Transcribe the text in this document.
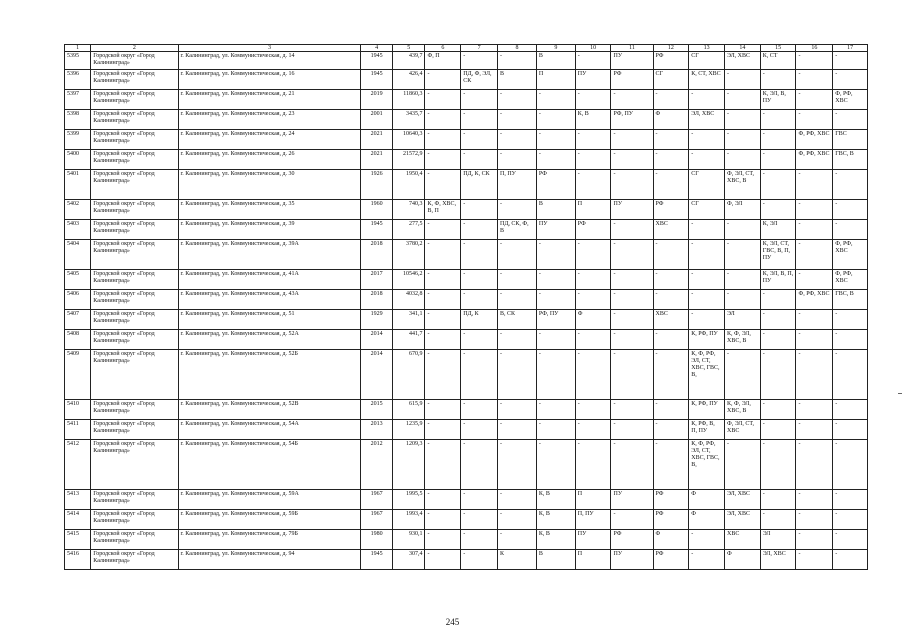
1	2	3	4	5	6	7	8	9	10	11	12	13	14	15	16	17
5395	Городской округ «Город Калининград»	г. Калининград, ул. Коммунистическая, д. 14	1945	439,7	Ф, П	-	-	В	-	ПУ	РФ	СГ	ЭЛ, ХВС	К, СТ	-	-
5396	Городской округ «Город Калининград»	г. Калининград, ул. Коммунистическая, д. 16	1945	426,4	-	ПД, Ф, ЭЛ, СК	В	П	ПУ	РФ	СГ	К, СТ, ХВС	-	-	-	-
5397	Городской округ «Город Калининград»	г. Калининград, ул. Коммунистическая, д. 21	2019	11860,3	-	-	-	-	-	-	-	-	-	К, ЭЛ, В, ПУ	-	Ф, РФ, ХВС
5398	Городской округ «Город Калининград»	г. Калининград, ул. Коммунистическая, д. 23	2001	3435,7	-	-	-	-	К, В	РФ, ПУ	Ф	ЭЛ, ХВС	-	-	-	-
5399	Городской округ «Город Калининград»	г. Калининград, ул. Коммунистическая, д. 24	2021	10640,3	-	-	-	-	-	-	-	-	-	-	Ф, РФ, ХВС	ГВС
5400	Городской округ «Город Калининград»	г. Калининград, ул. Коммунистическая, д. 26	2021	21572,9	-	-	-	-	-	-	-	-	-	-	Ф, РФ, ХВС	ГВС, В
5401	Городской округ «Город Калининград»	г. Калининград, ул. Коммунистическая, д. 30	1926	1950,4	-	ПД, К, СК	П, ПУ	РФ	-	-	-	СГ	Ф, ЭЛ, СТ, ХВС, В	-	-	-
5402	Городской округ «Город Калининград»	г. Калининград, ул. Коммунистическая, д. 35	1960	740,3	К, Ф, ХВС, В, П	-	-	В	П	ПУ	РФ	СГ	Ф, ЭЛ	-	-	-
5403	Городской округ «Город Калининград»	г. Калининград, ул. Коммунистическая, д. 39	1945	277,5	-	-	ПД, СК, Ф, В	ПУ	РФ	-	ХВС	-	-	К, ЭЛ	-	-
5404	Городской округ «Город Калининград»	г. Калининград, ул. Коммунистическая, д. 39А	2018	3780,2	-	-	-	-	-	-	-	-	-	К, ЭЛ, СТ, ГВС, В, П, ПУ	-	Ф, РФ, ХВС
5405	Городской округ «Город Калининград»	г. Калининград, ул. Коммунистическая, д. 41А	2017	10546,2	-	-	-	-	-	-	-	-	-	К, ЭЛ, В, П, ПУ	-	Ф, РФ, ХВС
5406	Городской округ «Город Калининград»	г. Калининград, ул. Коммунистическая, д. 43А	2018	4032,8	-	-	-	-	-	-	-	-	-	-	Ф, РФ, ХВС	ГВС, В
5407	Городской округ «Город Калининград»	г. Калининград, ул. Коммунистическая, д. 51	1929	341,1	-	ПД, К	В, СК	РФ, ПУ	Ф	-	ХВС	-	ЭЛ	-	-	-
5408	Городской округ «Город Калининград»	г. Калининград, ул. Коммунистическая, д. 52А	2014	441,7	-	-	-	-	-	-	-	К, РФ, ПУ	К, Ф, ЭЛ, ХВС, В	-	-	-
5409	Городской округ «Город Калининград»	г. Калининград, ул. Коммунистическая, д. 52Б	2014	670,9	-	-	-	-	-	-	-	К, Ф, РФ, ЭЛ, СТ, ХВС, ГВС, В,	-	-	-	-
5410	Городской округ «Город Калининград»	г. Калининград, ул. Коммунистическая, д. 52В	2015	615,9	-	-	-	-	-	-	-	К, РФ, ПУ	К, Ф, ЭЛ, ХВС, В	-	-	-
5411	Городской округ «Город Калининград»	г. Калининград, ул. Коммунистическая, д. 54А	2013	1235,9	-	-	-	-	-	-	-	К, РФ, В, П, ПУ	Ф, ЭЛ, СТ, ХВС	-	-	-
5412	Городской округ «Город Калининград»	г. Калининград, ул. Коммунистическая, д. 54Б	2012	1209,3	-	-	-	-	-	-	-	К, Ф, РФ, ЭЛ, СТ, ХВС, ГВС, В,	-	-	-	-
5413	Городской округ «Город Калининград»	г. Калининград, ул. Коммунистическая, д. 59А	1967	1995,5	-	-	-	К, В	П	ПУ	РФ	Ф	ЭЛ, ХВС	-	-	-
5414	Городской округ «Город Калининград»	г. Калининград, ул. Коммунистическая, д. 59Б	1967	1993,4	-	-	-	К, В	П, ПУ	-	РФ	Ф	ЭЛ, ХВС	-	-	-
5415	Городской округ «Город Калининград»	г. Калининград, ул. Коммунистическая, д. 79Б	1980	930,1	-	-	-	К, В	ПУ	РФ	Ф	-	ХВС	ЭЛ	-	-
5416	Городской округ «Город Калининград»	г. Калининград, ул. Коммунистическая, д. 94	1945	307,4	-	-	К	В	П	ПУ	РФ	-	Ф	ЭЛ, ХВС	-	-
245
